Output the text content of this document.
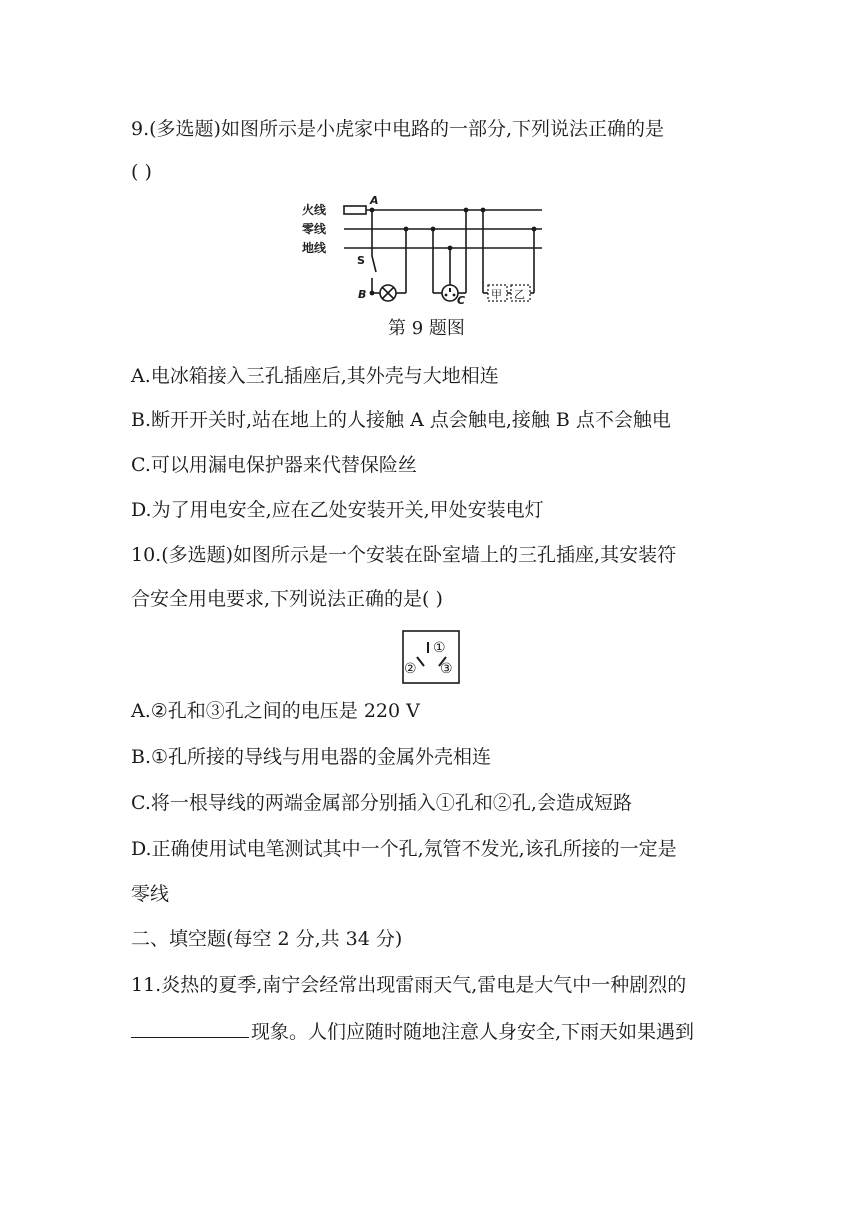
9.(多选题)如图所示是小虎家中电路的一部分,下列说法正确的是
( )
火线
零线
地线
A
S
B	C 甲 乙
第 9 题图
A.电冰箱接入三孔插座后,其外壳与大地相连
B.断开开关时,站在地上的人接触 A 点会触电,接触 B 点不会触电
C.可以用漏电保护器来代替保险丝
D.为了用电安全,应在乙处安装开关,甲处安装电灯
10.(多选题)如图所示是一个安装在卧室墙上的三孔插座,其安装符
合安全用电要求,下列说法正确的是( )
①
② ③
A.②孔和③孔之间的电压是 220 V
B.①孔所接的导线与用电器的金属外壳相连
C.将一根导线的两端金属部分别插入①孔和②孔,会造成短路
D.正确使用试电笔测试其中一个孔,氖管不发光,该孔所接的一定是
零线
二、填空题(每空 2 分,共 34 分)
11.炎热的夏季,南宁会经常出现雷雨天气,雷电是大气中一种剧烈的
现象。人们应随时随地注意人身安全,下雨天如果遇到
